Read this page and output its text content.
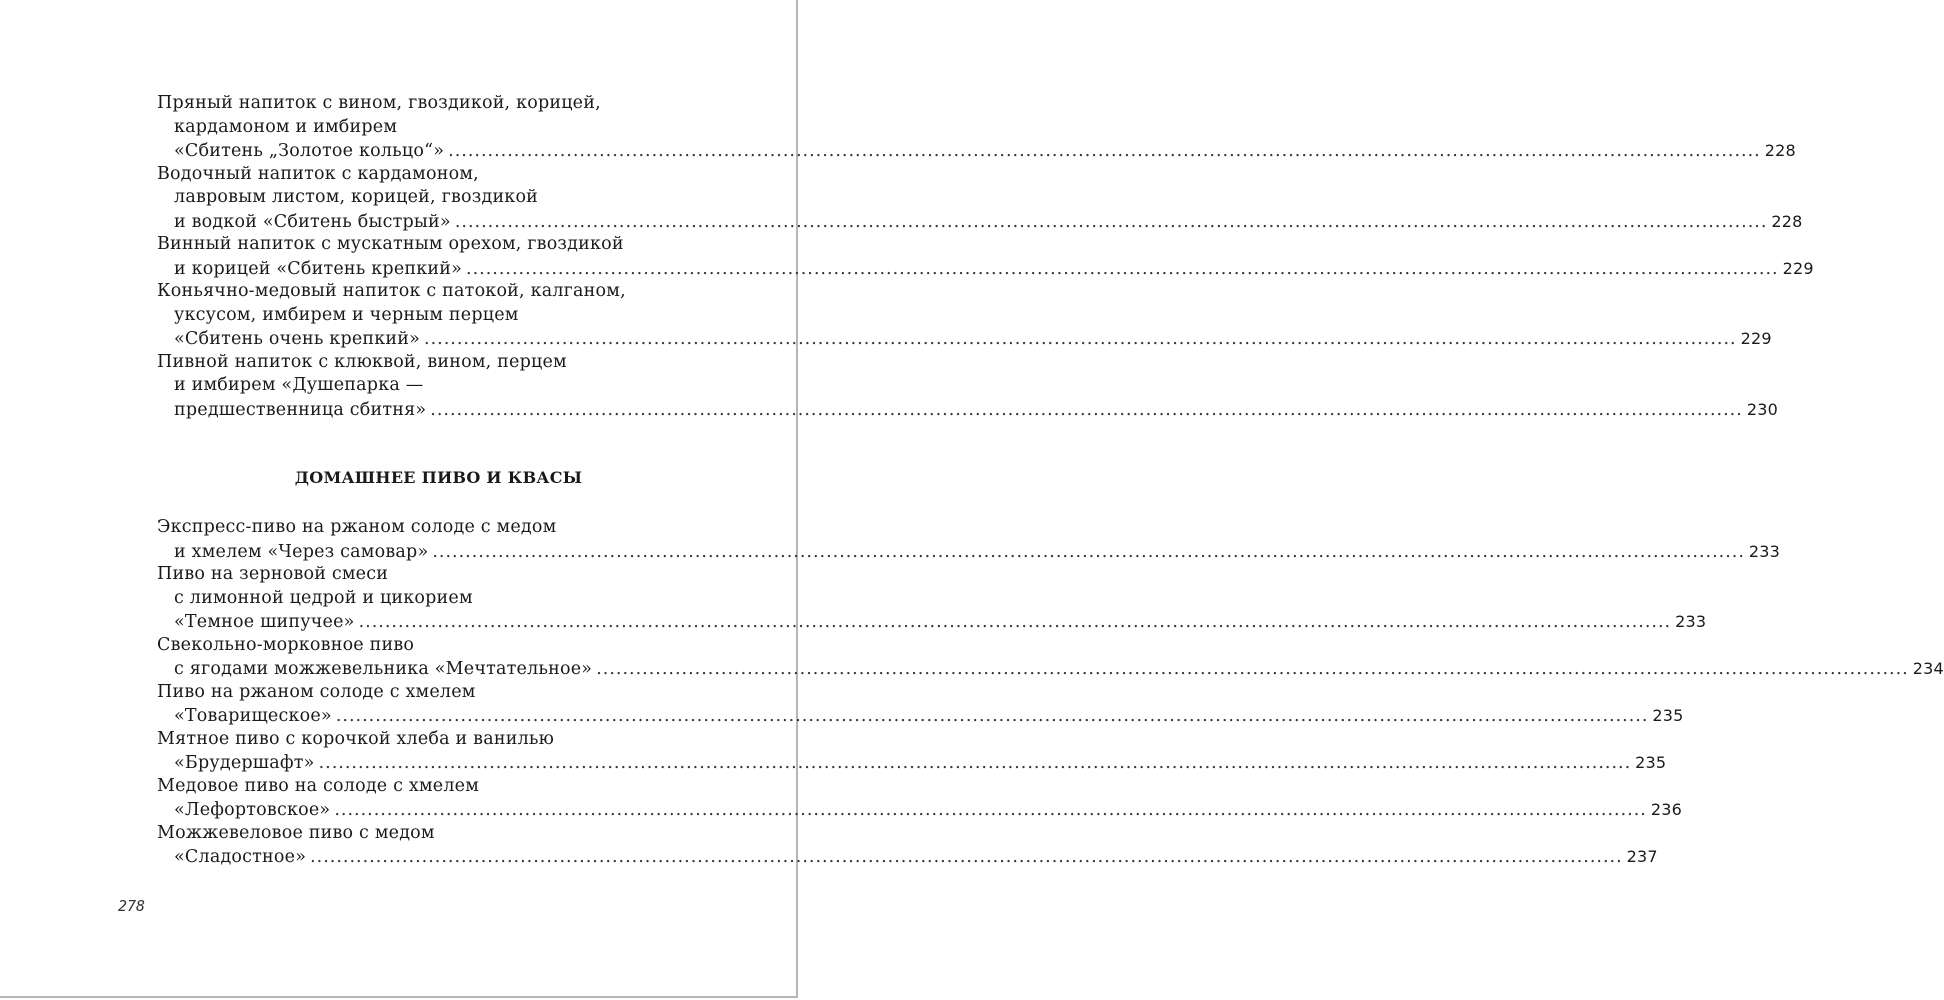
Пряный напиток с вином, гвоздикой, корицей,
кардамоном и имбирем
«Сбитень „Золотое кольцо“» ........................................................................................................................................................................................................ 228
Водочный напиток с кардамоном,
лавровым листом, корицей, гвоздикой
и водкой «Сбитень быстрый» ........................................................................................................................................................................................................ 228
Винный напиток с мускатным орехом, гвоздикой
и корицей «Сбитень крепкий» ........................................................................................................................................................................................................ 229
Коньячно-медовый напиток с патокой, калганом,
уксусом, имбирем и черным перцем
«Сбитень очень крепкий» ........................................................................................................................................................................................................ 229
Пивной напиток с клюквой, вином, перцем
и имбирем «Душепарка —
предшественница сбитня» ........................................................................................................................................................................................................ 230
ДОМАШНЕЕ ПИВО И КВАСЫ
Экспресс-пиво на ржаном солоде с медом
и хмелем «Через самовар» ........................................................................................................................................................................................................ 233
Пиво на зерновой смеси
с лимонной цедрой и цикорием
«Темное шипучее» ........................................................................................................................................................................................................ 233
Свекольно-морковное пиво
с ягодами можжевельника «Мечтательное» ........................................................................................................................................................................................................ 234
Пиво на ржаном солоде с хмелем
«Товарищеское» ........................................................................................................................................................................................................ 235
Мятное пиво с корочкой хлеба и ванилью
«Брудершафт» ........................................................................................................................................................................................................ 235
Медовое пиво на солоде с хмелем
«Лефортовское» ........................................................................................................................................................................................................ 236
Можжевеловое пиво с медом
«Сладостное» ........................................................................................................................................................................................................ 237
278
